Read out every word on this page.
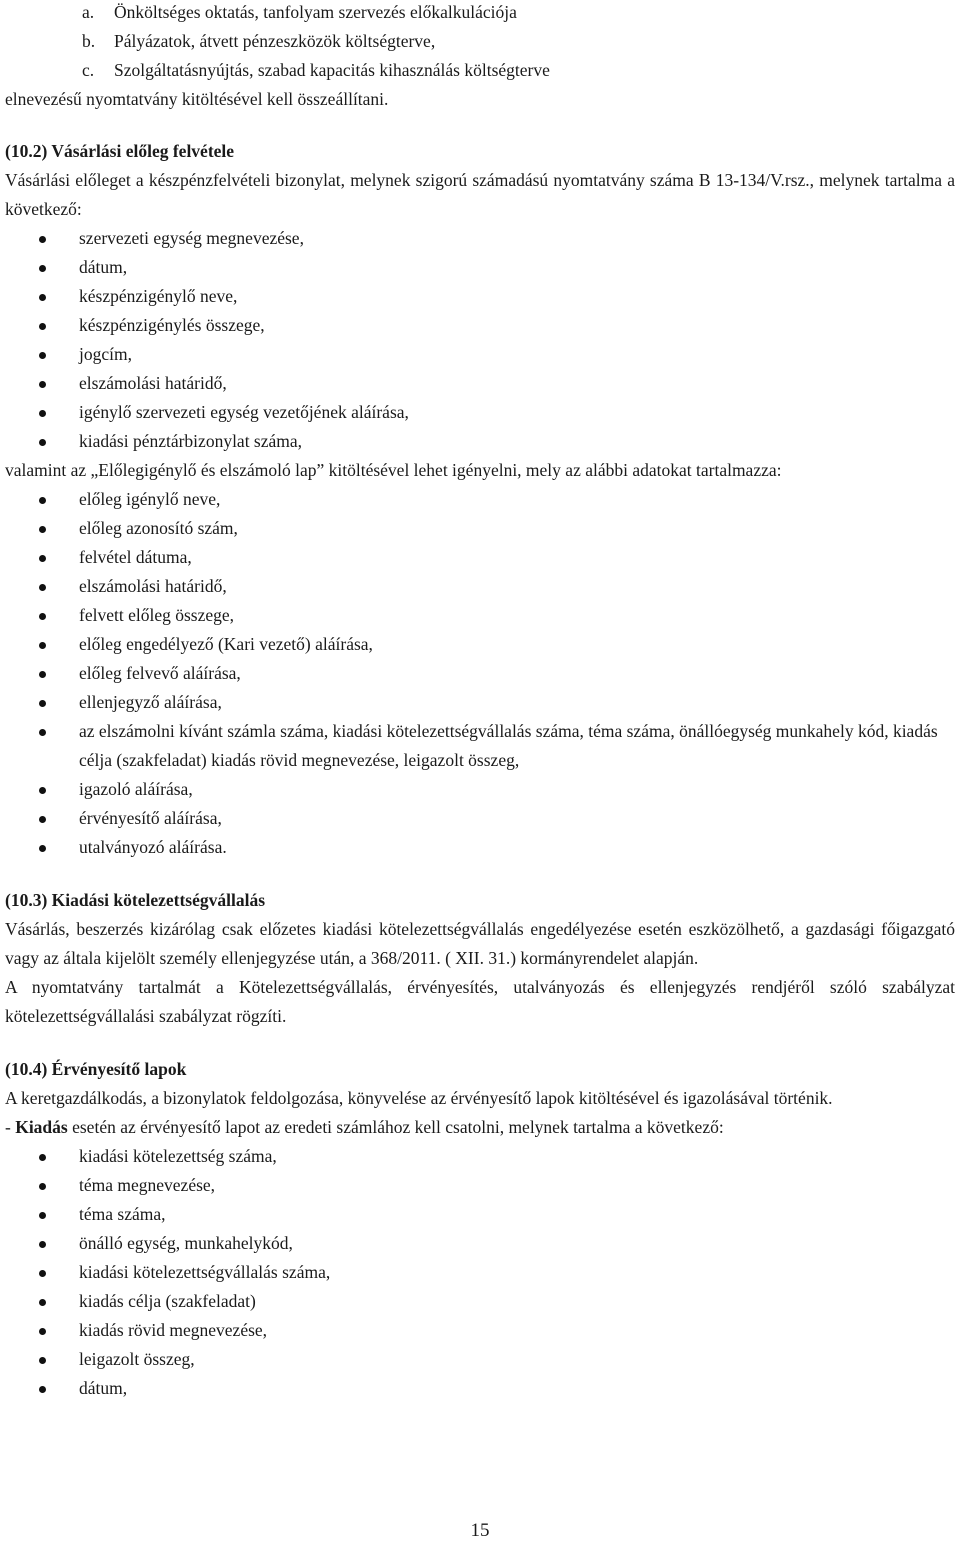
a. Önköltséges oktatás, tanfolyam szervezés előkalkulációja
b. Pályázatok, átvett pénzeszközök költségterve,
c. Szolgáltatásnyújtás, szabad kapacitás kihasználás költségterve

elnevezésű nyomtatvány kitöltésével kell összeállítani.

(10.2) Vásárlási előleg felvétele

Vásárlási előleget a készpénzfelvételi bizonylat, melynek szigorú számadású nyomtatvány száma B 13-134/V.rsz., melynek tartalma a következő:

szervezeti egység megnevezése,
dátum,
készpénzigénylő neve,
készpénzigénylés összege,
jogcím,
elszámolási határidő,
igénylő szervezeti egység vezetőjének aláírása,
kiadási pénztárbizonylat száma,

valamint az „Előlegigénylő és elszámoló lap” kitöltésével lehet igényelni, mely az alábbi adatokat tartalmazza:

előleg igénylő neve,
előleg azonosító szám,
felvétel dátuma,
elszámolási határidő,
felvett előleg összege,
előleg engedélyező (Kari vezető) aláírása,
előleg felvevő aláírása,
ellenjegyző aláírása,
az elszámolni kívánt számla száma, kiadási kötelezettségvállalás száma, téma száma, önállóegység munkahely kód, kiadás célja (szakfeladat) kiadás rövid megnevezése, leigazolt összeg,
igazoló aláírása,
érvényesítő aláírása,
utalványozó aláírása.
(10.3) Kiadási kötelezettségvállalás

Vásárlás, beszerzés kizárólag csak előzetes kiadási kötelezettségvállalás engedélyezése esetén eszközölhető, a gazdasági főigazgató vagy az általa kijelölt személy ellenjegyzése után, a 368/2011. ( XII. 31.) kormányrendelet alapján.

A nyomtatvány tartalmát a Kötelezettségvállalás, érvényesítés, utalványozás és ellenjegyzés rendjéről szóló szabályzat kötelezettségvállalási szabályzat rögzíti.

(10.4) Érvényesítő lapok

A keretgazdálkodás, a bizonylatok feldolgozása, könyvelése az érvényesítő lapok kitöltésével és igazolásával történik.

- Kiadás esetén az érvényesítő lapot az eredeti számlához kell csatolni, melynek tartalma a következő:

kiadási kötelezettség száma,
téma megnevezése,
téma száma,
önálló egység, munkahelykód,
kiadási kötelezettségvállalás száma,
kiadás célja (szakfeladat)
kiadás rövid megnevezése,
leigazolt összeg,
dátum,
15
